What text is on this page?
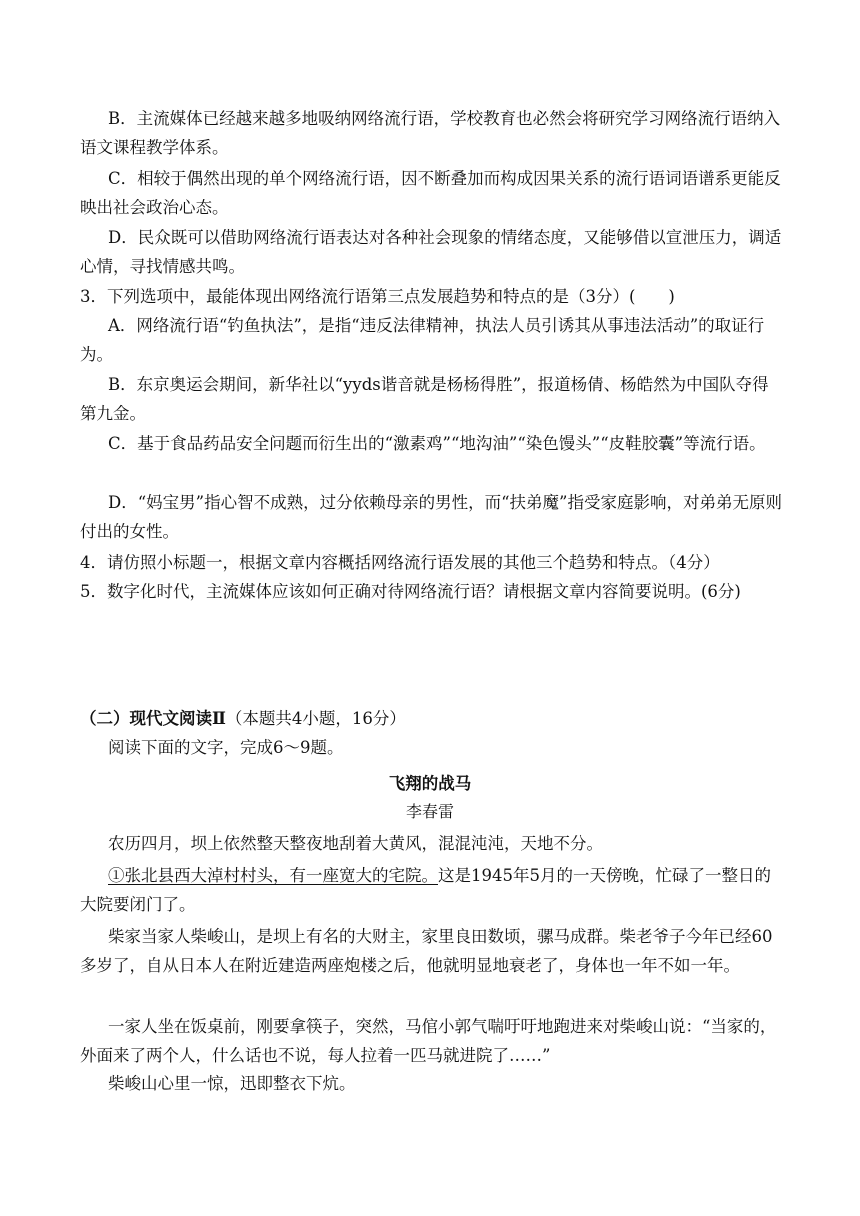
B．主流媒体已经越来越多地吸纳网络流行语，学校教育也必然会将研究学习网络流行语纳入语文课程教学体系。

C．相较于偶然出现的单个网络流行语，因不断叠加而构成因果关系的流行语词语谱系更能反映出社会政治心态。

D．民众既可以借助网络流行语表达对各种社会现象的情绪态度，又能够借以宣泄压力，调适心情，寻找情感共鸣。

3．下列选项中，最能体现出网络流行语第三点发展趋势和特点的是（3分）(　　)

A．网络流行语“钓鱼执法”，是指“违反法律精神，执法人员引诱其从事违法活动”的取证行为。

B．东京奥运会期间，新华社以“yyds谐音就是杨杨得胜”，报道杨倩、杨皓然为中国队夺得第九金。

C．基于食品药品安全问题而衍生出的“激素鸡”“地沟油”“染色馒头”“皮鞋胶囊”等流行语。

D．“妈宝男”指心智不成熟，过分依赖母亲的男性，而“扶弟魔”指受家庭影响，对弟弟无原则付出的女性。

4．请仿照小标题一，根据文章内容概括网络流行语发展的其他三个趋势和特点。（4分）

5．数字化时代，主流媒体应该如何正确对待网络流行语？请根据文章内容简要说明。(6分)

（二）现代文阅读Ⅱ（本题共4小题，16分）

阅读下面的文字，完成6～9题。

飞翔的战马
李春雷

农历四月，坝上依然整天整夜地刮着大黄风，混混沌沌，天地不分。

①张北县西大淖村村头，有一座宽大的宅院。这是1945年5月的一天傍晚，忙碌了一整日的大院要闭门了。

柴家当家人柴峻山，是坝上有名的大财主，家里良田数顷，骡马成群。柴老爷子今年已经60多岁了，自从日本人在附近建造两座炮楼之后，他就明显地衰老了，身体也一年不如一年。

一家人坐在饭桌前，刚要拿筷子，突然，马倌小郭气喘吁吁地跑进来对柴峻山说：“当家的，外面来了两个人，什么话也不说，每人拉着一匹马就进院了……”

柴峻山心里一惊，迅即整衣下炕。
